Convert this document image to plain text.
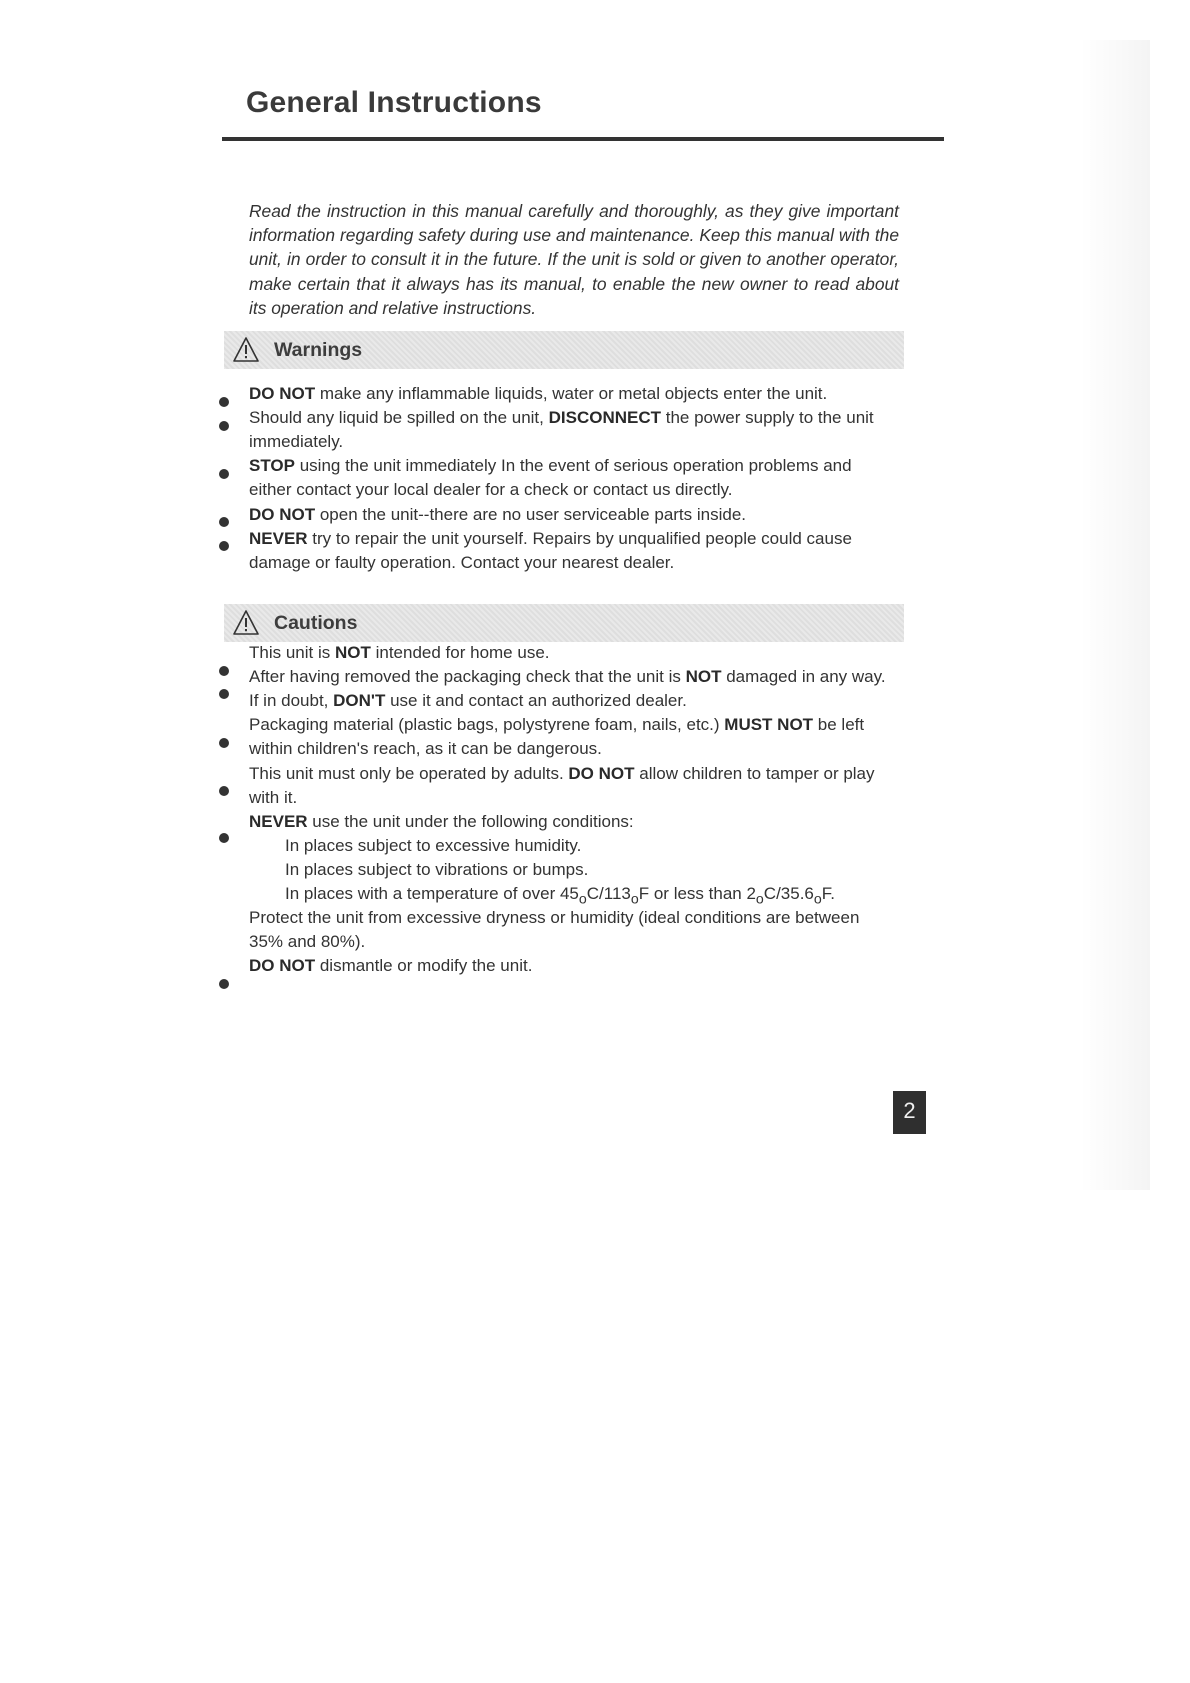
General Instructions

Read the instruction in this manual carefully and thoroughly, as they give important information regarding safety during use and maintenance. Keep this manual with the unit, in order to consult it in the future. If the unit is sold or given to another operator, make certain that it always has its manual, to enable the new owner to read about its operation and relative instructions.

Warnings
DO NOT make any inflammable liquids, water or metal objects enter the unit.
Should any liquid be spilled on the unit, DISCONNECT the power supply to the unit
immediately.
STOP using the unit immediately In the event of serious operation problems and
either contact your local dealer for a check or contact us directly.
DO NOT open the unit--there are no user serviceable parts inside.
NEVER try to repair the unit yourself. Repairs by unqualified people could cause
damage or faulty operation. Contact your nearest dealer.
Cautions
This unit is NOT intended for home use.
After having removed the packaging check that the unit is NOT damaged in any way.
If in doubt, DON'T use it and contact an authorized dealer.
Packaging material (plastic bags, polystyrene foam, nails, etc.) MUST NOT be left
within children's reach, as it can be dangerous.
This unit must only be operated by adults. DO NOT allow children to tamper or play
with it.
NEVER use the unit under the following conditions:
In places subject to excessive humidity.
In places subject to vibrations or bumps.
In places with a temperature of over $45_oC/113_oF$ or less than $2_oC/35.6_oF$.
Protect the unit from excessive dryness or humidity (ideal conditions are between
35% and 80%).
DO NOT dismantle or modify the unit.
2
